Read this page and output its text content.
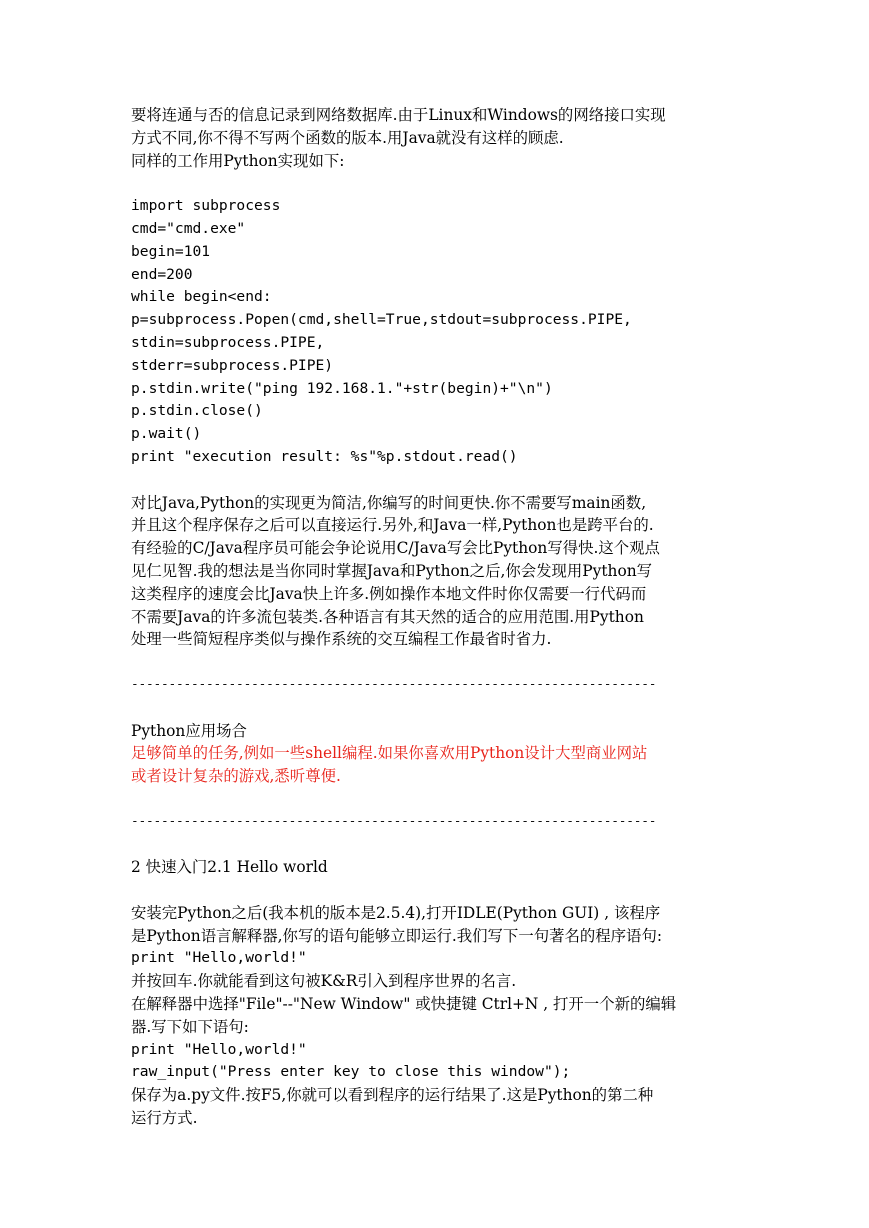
要将连通与否的信息记录到网络数据库.由于Linux和Windows的网络接口实现
方式不同,你不得不写两个函数的版本.用Java就没有这样的顾虑.
同样的工作用Python实现如下:
import subprocess
cmd="cmd.exe"
begin=101
end=200
while begin<end:
p=subprocess.Popen(cmd,shell=True,stdout=subprocess.PIPE,
stdin=subprocess.PIPE,
stderr=subprocess.PIPE)
p.stdin.write("ping 192.168.1."+str(begin)+"\n")
p.stdin.close()
p.wait()
print "execution result: %s"%p.stdout.read()
对比Java,Python的实现更为简洁,你编写的时间更快.你不需要写main函数,
并且这个程序保存之后可以直接运行.另外,和Java一样,Python也是跨平台的.
有经验的C/Java程序员可能会争论说用C/Java写会比Python写得快.这个观点
见仁见智.我的想法是当你同时掌握Java和Python之后,你会发现用Python写
这类程序的速度会比Java快上许多.例如操作本地文件时你仅需要一行代码而
不需要Java的许多流包装类.各种语言有其天然的适合的应用范围.用Python
处理一些简短程序类似与操作系统的交互编程工作最省时省力.
----------------------------------------------------------------------
Python应用场合
足够简单的任务,例如一些shell编程.如果你喜欢用Python设计大型商业网站
或者设计复杂的游戏,悉听尊便.
----------------------------------------------------------------------
2 快速入门2.1 Hello world
安装完Python之后(我本机的版本是2.5.4),打开IDLE(Python GUI) , 该程序
是Python语言解释器,你写的语句能够立即运行.我们写下一句著名的程序语句:
print "Hello,world!"
并按回车.你就能看到这句被K&R引入到程序世界的名言.
在解释器中选择"File"--"New Window" 或快捷键 Ctrl+N , 打开一个新的编辑
器.写下如下语句:
print "Hello,world!"
raw_input("Press enter key to close this window");
保存为a.py文件.按F5,你就可以看到程序的运行结果了.这是Python的第二种
运行方式.
